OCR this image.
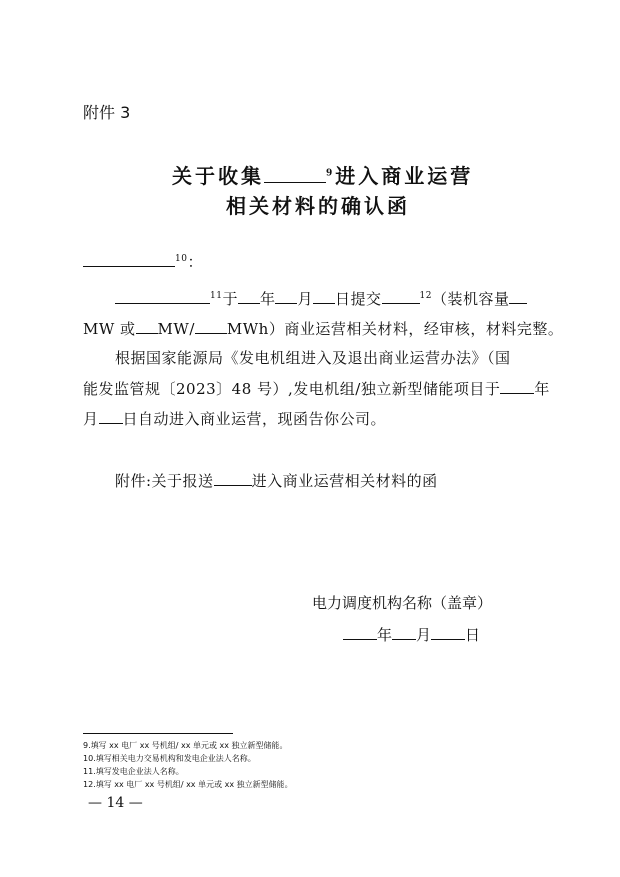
附件 3
关于收集	$^9$进入商业运营
相关材料的确认函
$^{10}$：
$^{11}$于 年 月 日提交	$^{12}$（装机容量
MW 或 MW/ MWh）商业运营相关材料，经审核，材料完整。
根据国家能源局《发电机组进入及退出商业运营办法》（国
能发监管规〔2023〕48 号）,发电机组/独立新型储能项目于 年
月 日自动进入商业运营，现函告你公司。
附件:关于报送	进入商业运营相关材料的函
电力调度机构名称（盖章）
年 月 日
9.填写 xx 电厂 xx 号机组/ xx 单元或 xx 独立新型储能。
10.填写相关电力交易机构和发电企业法人名称。
11.填写发电企业法人名称。
12.填写 xx 电厂 xx 号机组/ xx 单元或 xx 独立新型储能。
— 14 —
